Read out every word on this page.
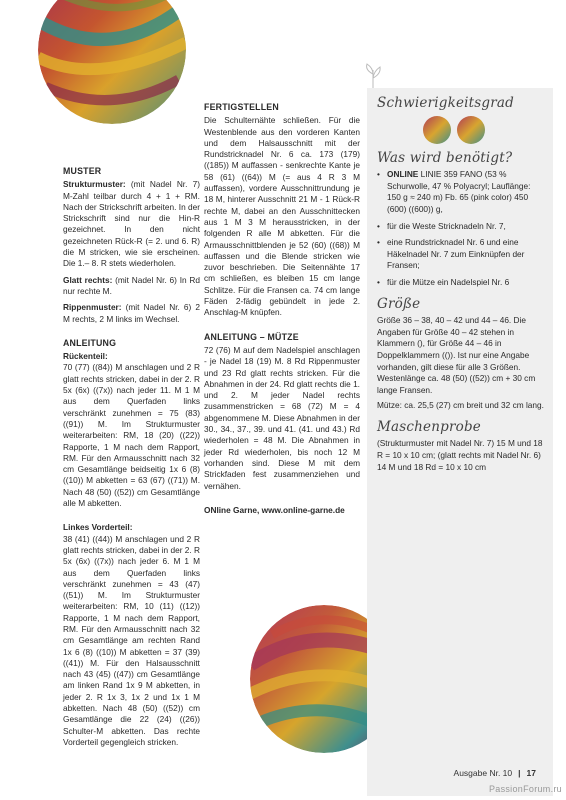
MUSTER

Strukturmuster: (mit Nadel Nr. 7) M-Zahl teilbar durch 4 + 1 + RM. Nach der Strickschrift arbeiten. In der Strickschrift sind nur die Hin-R gezeichnet. In den nicht gezeichneten Rück-R (= 2. und 6. R) die M stricken, wie sie erscheinen. Die 1.– 8. R stets wiederholen.

Glatt rechts: (mit Nadel Nr. 6) In Rd nur rechte M.

Rippenmuster: (mit Nadel Nr. 6) 2 M rechts, 2 M links im Wechsel.

ANLEITUNG
Rückenteil:

70 (77) ((84)) M anschlagen und 2 R glatt rechts stricken, dabei in der 2. R 5x (6x) ((7x)) nach jeder 11. M 1 M aus dem Querfaden links verschränkt zunehmen = 75 (83) ((91)) M. Im Strukturmuster weiterarbeiten: RM, 18 (20) ((22)) Rapporte, 1 M nach dem Rapport, RM. Für den Armausschnitt nach 32 cm Gesamtlänge beidseitig 1x 6 (8) ((10)) M abketten = 63 (67) ((71)) M. Nach 48 (50) ((52)) cm Gesamtlänge alle M abketten.

Linkes Vorderteil:

38 (41) ((44)) M anschlagen und 2 R glatt rechts stricken, dabei in der 2. R 5x (6x) ((7x)) nach jeder 6. M 1 M aus dem Querfaden links verschränkt zunehmen = 43 (47) ((51)) M. Im Strukturmuster weiterarbeiten: RM, 10 (11) ((12)) Rapporte, 1 M nach dem Rapport, RM. Für den Armausschnitt nach 32 cm Gesamtlänge am rechten Rand 1x 6 (8) ((10)) M abketten = 37 (39) ((41)) M. Für den Halsausschnitt nach 43 (45) ((47)) cm Gesamtlänge am linken Rand 1x 9 M abketten, in jeder 2. R 1x 3, 1x 2 und 1x 1 M abketten. Nach 48 (50) ((52)) cm Gesamtlänge die 22 (24) ((26)) Schulter-M abketten. Das rechte Vorderteil gegengleich stricken.

FERTIGSTELLEN

Die Schulternähte schließen. Für die Westenblende aus den vorderen Kanten und dem Halsausschnitt mit der Rundstricknadel Nr. 6 ca. 173 (179) ((185)) M auffassen - senkrechte Kante je 58 (61) ((64)) M (= aus 4 R 3 M auffassen), vordere Ausschnittrundung je 18 M, hinterer Ausschnitt 21 M - 1 Rück-R rechte M, dabei an den Ausschnittecken aus 1 M 3 M herausstricken, in der folgenden R alle M abketten. Für die Armausschnittblenden je 52 (60) ((68)) M auffassen und die Blende stricken wie zuvor beschrieben. Die Seitennähte 17 cm schließen, es bleiben 15 cm lange Schlitze. Für die Fransen ca. 74 cm lange Fäden 2-fädig gebündelt in jede 2. Anschlag-M knüpfen.

ANLEITUNG – MÜTZE

72 (76) M auf dem Nadelspiel anschlagen - je Nadel 18 (19) M. 8 Rd Rippenmuster und 23 Rd glatt rechts stricken. Für die Abnahmen in der 24. Rd glatt rechts die 1. und 2. M jeder Nadel rechts zusammenstricken = 68 (72) M = 4 abgenommene M. Diese Abnahmen in der 30., 34., 37., 39. und 41. (41. und 43.) Rd wiederholen = 48 M. Die Abnahmen in jeder Rd wiederholen, bis noch 12 M vorhanden sind. Diese M mit dem Strickfaden fest zusammenziehen und vernähen.

ONline Garne, www.online-garne.de

Schwierigkeitsgrad
Was wird benötigt?
• ONLINE LINIE 359 FANO (53 % Schurwolle, 47 % Polyacryl; Lauflänge: 150 g ≈ 240 m) Fb. 65 (pink color) 450 (600) ((600)) g,
• für die Weste Stricknadeln Nr. 7,
• eine Rundstricknadel Nr. 6 und eine Häkelnadel Nr. 7 zum Einknüpfen der Fransen;
• für die Mütze ein Nadelspiel Nr. 6
Größe

Größe 36 – 38, 40 – 42 und 44 – 46. Die Angaben für Größe 40 – 42 stehen in Klammern (), für Größe 44 – 46 in Doppelklammern (()). Ist nur eine Angabe vorhanden, gilt diese für alle 3 Größen. Westenlänge ca. 48 (50) ((52)) cm + 30 cm lange Fransen.

Mütze: ca. 25,5 (27) cm breit und 32 cm lang.

Maschenprobe

(Strukturmuster mit Nadel Nr. 7) 15 M und 18 R = 10 x 10 cm; (glatt rechts mit Nadel Nr. 6) 14 M und 18 Rd = 10 x 10 cm

Ausgabe Nr. 10 | 17
PassionForum.ru
